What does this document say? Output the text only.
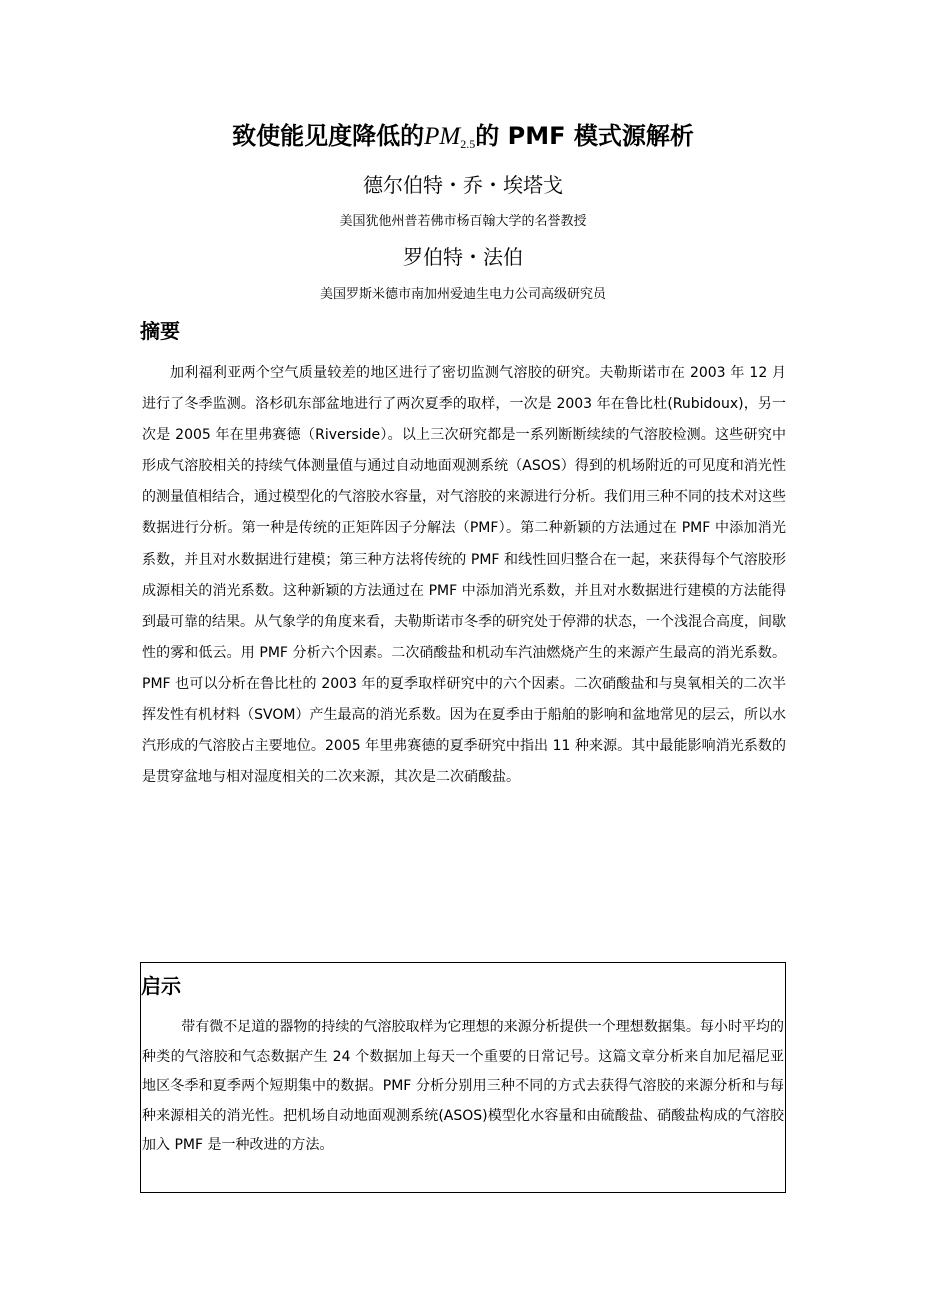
致使能见度降低的$PM_{2.5}$的 PMF 模式源解析
德尔伯特・乔・埃塔戈
美国犹他州普若佛市杨百翰大学的名誉教授
罗伯特・法伯
美国罗斯米德市南加州爱迪生电力公司高级研究员
摘要

加利福利亚两个空气质量较差的地区进行了密切监测气溶胶的研究。夫勒斯诺市在 2003 年 12 月进行了冬季监测。洛杉矶东部盆地进行了两次夏季的取样，一次是 2003 年在鲁比杜(Rubidoux)，另一次是 2005 年在里弗赛德（Riverside）。以上三次研究都是一系列断断续续的气溶胶检测。这些研究中形成气溶胶相关的持续气体测量值与通过自动地面观测系统（ASOS）得到的机场附近的可见度和消光性的测量值相结合，通过模型化的气溶胶水容量，对气溶胶的来源进行分析。我们用三种不同的技术对这些数据进行分析。第一种是传统的正矩阵因子分解法（PMF）。第二种新颖的方法通过在 PMF 中添加消光系数，并且对水数据进行建模；第三种方法将传统的 PMF 和线性回归整合在一起，来获得每个气溶胶形成源相关的消光系数。这种新颖的方法通过在 PMF 中添加消光系数，并且对水数据进行建模的方法能得到最可靠的结果。从气象学的角度来看，夫勒斯诺市冬季的研究处于停滞的状态，一个浅混合高度，间歇性的雾和低云。用 PMF 分析六个因素。二次硝酸盐和机动车汽油燃烧产生的来源产生最高的消光系数。PMF 也可以分析在鲁比杜的 2003 年的夏季取样研究中的六个因素。二次硝酸盐和与臭氧相关的二次半挥发性有机材料（SVOM）产生最高的消光系数。因为在夏季由于船舶的影响和盆地常见的层云，所以水汽形成的气溶胶占主要地位。2005 年里弗赛德的夏季研究中指出 11 种来源。其中最能影响消光系数的是贯穿盆地与相对湿度相关的二次来源，其次是二次硝酸盐。

启示

带有微不足道的器物的持续的气溶胶取样为它理想的来源分析提供一个理想数据集。每小时平均的种类的气溶胶和气态数据产生 24 个数据加上每天一个重要的日常记号。这篇文章分析来自加尼福尼亚地区冬季和夏季两个短期集中的数据。PMF 分析分别用三种不同的方式去获得气溶胶的来源分析和与每种来源相关的消光性。把机场自动地面观测系统(ASOS)模型化水容量和由硫酸盐、硝酸盐构成的气溶胶加入 PMF 是一种改进的方法。
